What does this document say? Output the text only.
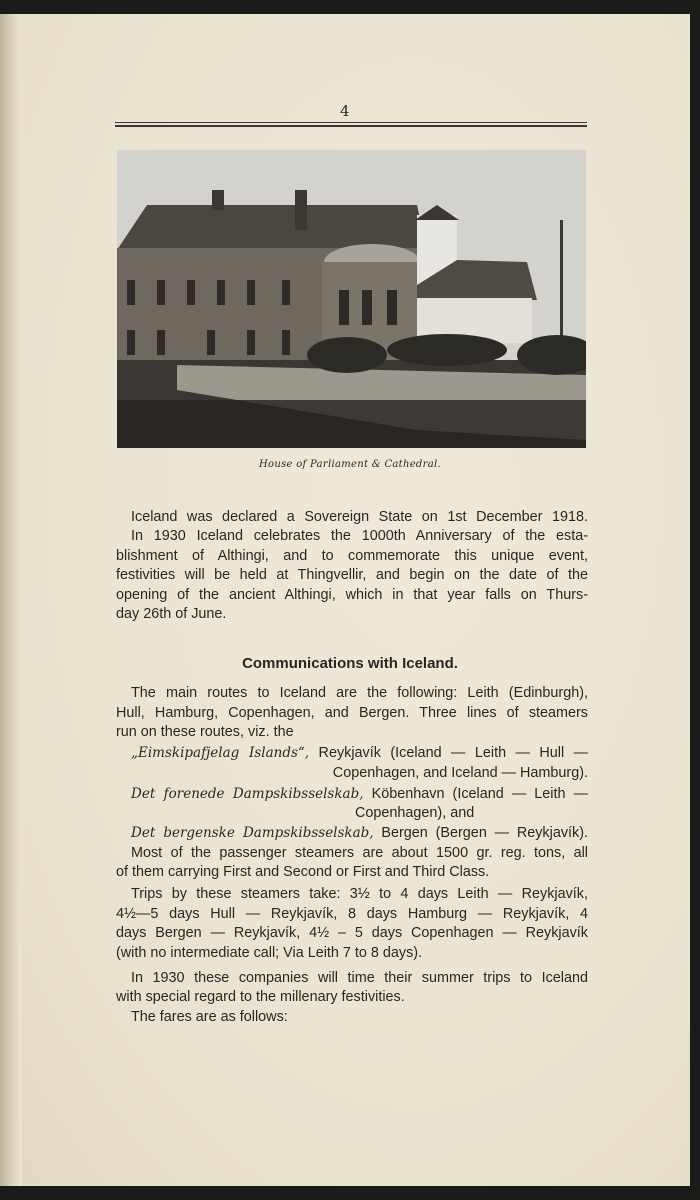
4
House of Parliament & Cathedral.
Iceland was declared a Sovereign State on 1st December 1918.
In 1930 Iceland celebrates the 1000th Anniversary of the esta-
blishment of Althingi, and to commemorate this unique event,
festivities will be held at Thingvellir, and begin on the date of the
opening of the ancient Althingi, which in that year falls on Thurs-
day 26th of June.
Communications with Iceland.
The main routes to Iceland are the following: Leith (Edinburgh),
Hull, Hamburg, Copenhagen, and Bergen. Three lines of steamers
run on these routes, viz. the
„Eimskipafjelag Islands“, Reykjavík (Iceland — Leith — Hull —
Copenhagen, and Iceland — Hamburg).
Det forenede Dampskibsselskab, Köbenhavn (Iceland — Leith —
Copenhagen), and
Det bergenske Dampskibsselskab, Bergen (Bergen — Reykjavík).
Most of the passenger steamers are about 1500 gr. reg. tons, all
of them carrying First and Second or First and Third Class.
Trips by these steamers take: 3½ to 4 days Leith — Reykjavík,
4½—5 days Hull — Reykjavík, 8 days Hamburg — Reykjavík, 4
days Bergen — Reykjavík, 4½ – 5 days Copenhagen — Reykjavík
(with no intermediate call; Via Leith 7 to 8 days).
In 1930 these companies will time their summer trips to Iceland
with special regard to the millenary festivities.
The fares are as follows:
